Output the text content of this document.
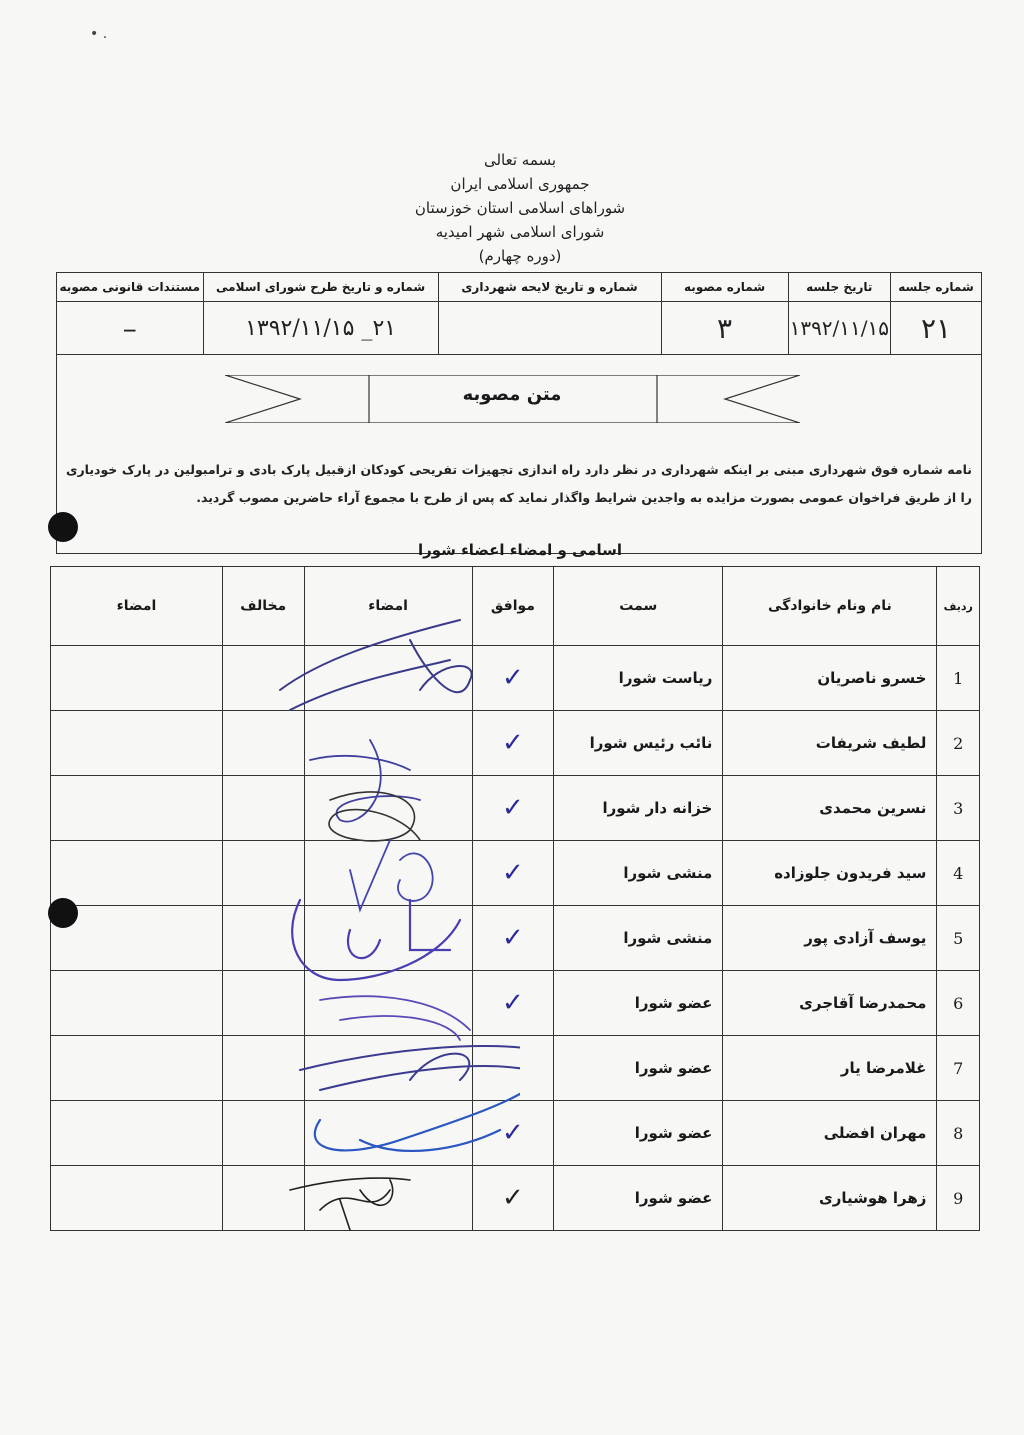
• .
بسمه تعالی
جمهوری اسلامی ایران
شوراهای اسلامی استان خوزستان
شورای اسلامی شهر امیدیه
(دوره چهارم)
شماره جلسه	تاریخ جلسه	شماره مصوبه	شماره و تاریخ لایحه شهرداری	شماره و تاریخ طرح شورای اسلامی	مستندات قانونی مصوبه
۲۱	۱۳۹۲/۱۱/۱۵	۳		۲۱_ ۱۳۹۲/۱۱/۱۵	–

متن مصوبه
نامه شماره فوق شهرداری مبنی بر اینکه شهرداری در نظر دارد راه اندازی تجهیزات تفریحی کودکان ازقبیل پارک بادی و ترامبولین در پارک خودیاری را از طریق فراخوان عمومی بصورت مزایده به واجدین شرایط واگذار نماید که پس از طرح با مجموع آراء حاضرین مصوب گردید.
اسامی و امضاء اعضاء شورا
ردیف	نام ونام خانوادگی	سمت	موافق	امضاء	مخالف	امضاء
1	خسرو ناصریان	ریاست شورا	✓			
2	لطیف شریفات	نائب رئیس شورا	✓			
3	نسرین محمدی	خزانه دار شورا	✓			
4	سید فریدون جلوزاده	منشی شورا	✓			
5	یوسف آزادی پور	منشی شورا	✓			
6	محمدرضا آقاجری	عضو شورا	✓			
7	غلامرضا یار	عضو شورا				
8	مهران افضلی	عضو شورا	✓			
9	زهرا هوشیاری	عضو شورا	✓			
